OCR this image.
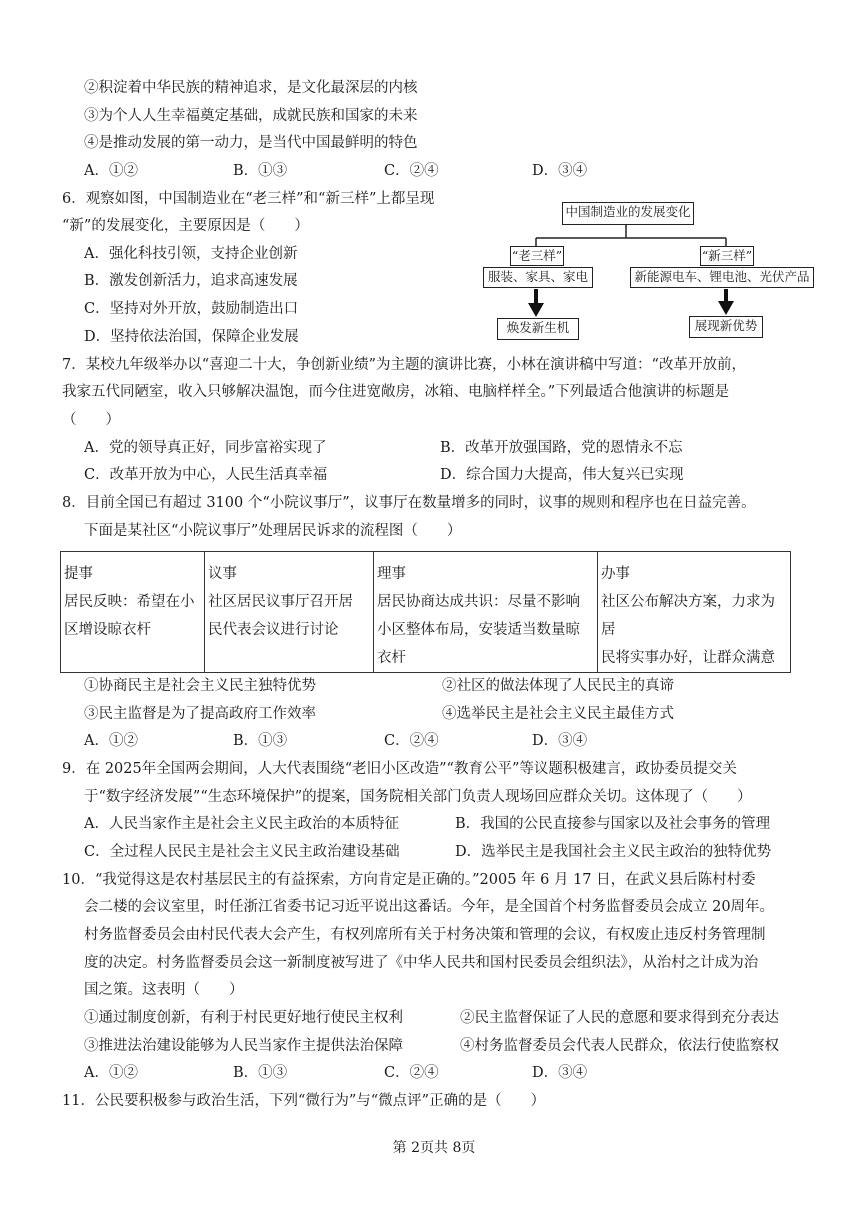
②积淀着中华民族的精神追求，是文化最深层的内核
③为个人人生幸福奠定基础，成就民族和国家的未来
④是推动发展的第一动力，是当代中国最鲜明的特色
A．①②	B．①③	C．②④	D．③④
6．观察如图，中国制造业在“老三样”和“新三样”上都呈现
“新”的发展变化，主要原因是（　　）
A．强化科技引领，支持企业创新
B．激发创新活力，追求高速发展
C．坚持对外开放，鼓励制造出口
D．坚持依法治国，保障企业发展
中国制造业的发展变化
“老三样”
服装、家具、家电
焕发新生机
“新三样”
新能源电车、锂电池、光伏产品
展现新优势
7．某校九年级举办以“喜迎二十大，争创新业绩”为主题的演讲比赛，小林在演讲稿中写道：“改革开放前，
我家五代同陋室，收入只够解决温饱，而今住进宽敞房，冰箱、电脑样样全。”下列最适合他演讲的标题是
（　　）
A．党的领导真正好，同步富裕实现了	B．改革开放强国路，党的恩情永不忘
C．改革开放为中心，人民生活真幸福	D．综合国力大提高，伟大复兴已实现
8．目前全国已有超过 3100 个“小院议事厅”，议事厅在数量增多的同时，议事的规则和程序也在日益完善。
下面是某社区“小院议事厅”处理居民诉求的流程图（　　）
提事
居民反映：希望在小
区增设晾衣杆

议事
社区居民议事厅召开居
民代表会议进行讨论

理事
居民协商达成共识：尽量不影响
小区整体布局，安装适当数量晾
衣杆

办事
社区公布解决方案，力求为居
民将实事办好，让群众满意
①协商民主是社会主义民主独特优势	②社区的做法体现了人民民主的真谛
③民主监督是为了提高政府工作效率	④选举民主是社会主义民主最佳方式
A．①②	B．①③	C．②④	D．③④
9．在 2025年全国两会期间，人大代表围绕“老旧小区改造”“教育公平”等议题积极建言，政协委员提交关
于“数字经济发展”“生态环境保护”的提案，国务院相关部门负责人现场回应群众关切。这体现了（　　）
A．人民当家作主是社会主义民主政治的本质特征	B．我国的公民直接参与国家以及社会事务的管理
C．全过程人民民主是社会主义民主政治建设基础	D．选举民主是我国社会主义民主政治的独特优势
10．“我觉得这是农村基层民主的有益探索，方向肯定是正确的。”2005 年 6 月 17 日，在武义县后陈村村委
会二楼的会议室里，时任浙江省委书记习近平说出这番话。今年，是全国首个村务监督委员会成立 20周年。
村务监督委员会由村民代表大会产生，有权列席所有关于村务决策和管理的会议，有权废止违反村务管理制
度的决定。村务监督委员会这一新制度被写进了《中华人民共和国村民委员会组织法》，从治村之计成为治
国之策。这表明（　　）
①通过制度创新，有利于村民更好地行使民主权利	②民主监督保证了人民的意愿和要求得到充分表达
③推进法治建设能够为人民当家作主提供法治保障	④村务监督委员会代表人民群众，依法行使监察权
A．①②	B．①③	C．②④	D．③④
11．公民要积极参与政治生活，下列“微行为”与“微点评”正确的是（　　）
第 2页共 8页
